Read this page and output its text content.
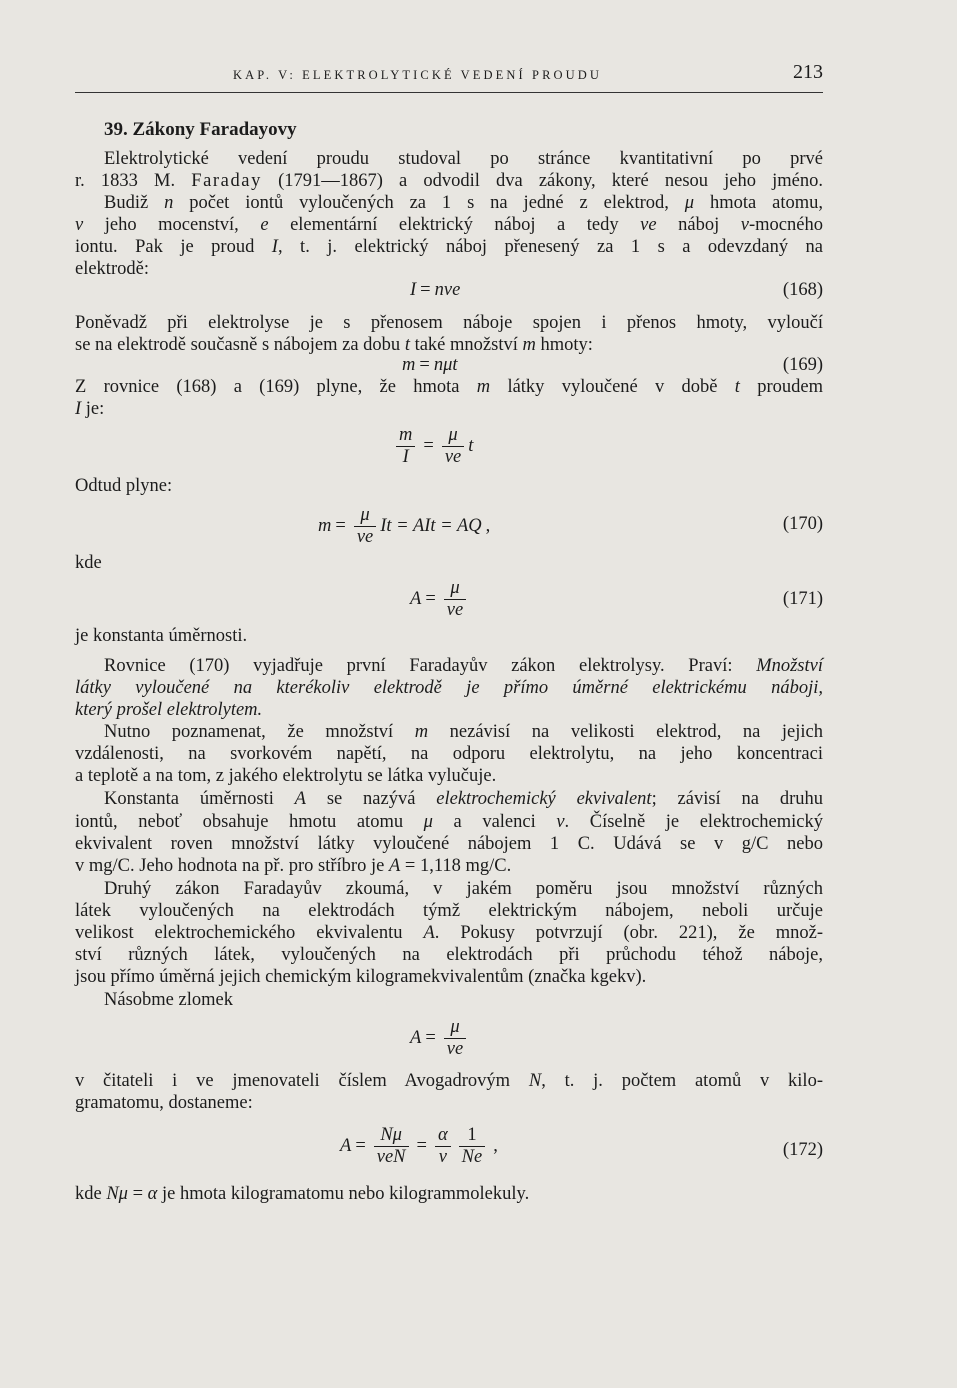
KAP. V: ELEKTROLYTICKÉ VEDENÍ PROUDU	213
39. Zákony Faradayovy
Elektrolytické vedení proudu studoval po stránce kvantitativní po prvé
r. 1833 M. Faraday (1791—1867) a odvodil dva zákony, které nesou jeho jméno.
Budiž n počet iontů vyloučených za 1 s na jedné z elektrod, μ hmota atomu,
v jeho mocenství, e elementární elektrický náboj a tedy ve náboj v-mocného
iontu. Pak je proud I, t. j. elektrický náboj přenesený za 1 s a odevzdaný na
elektrodě:
I = nve	(168)
Poněvadž při elektrolyse je s přenosem náboje spojen i přenos hmoty, vyloučí
se na elektrodě současně s nábojem za dobu t také množství m hmoty:
m = nμt	(169)
Z rovnice (168) a (169) plyne, že hmota m látky vyloučené v době t proudem
I je:
$\frac{m}{I} = \frac{\mu}{ve}$ t
Odtud plyne:
$m = \frac{\mu}{ve}$ It = AIt = AQ ,	(170)
kde
$A = \frac{\mu}{ve}$	(171)
je konstanta úměrnosti.
Rovnice (170) vyjadřuje první Faradayův zákon elektrolysy. Praví: Množství
látky vyloučené na kterékoliv elektrodě je přímo úměrné elektrickému náboji,
který prošel elektrolytem.
Nutno poznamenat, že množství m nezávisí na velikosti elektrod, na jejich
vzdálenosti, na svorkovém napětí, na odporu elektrolytu, na jeho koncentraci
a teplotě a na tom, z jakého elektrolytu se látka vylučuje.
Konstanta úměrnosti A se nazývá elektrochemický ekvivalent; závisí na druhu
iontů, neboť obsahuje hmotu atomu μ a valenci v. Číselně je elektrochemický
ekvivalent roven množství látky vyloučené nábojem 1 C. Udává se v g/C nebo
v mg/C. Jeho hodnota na př. pro stříbro je A = 1,118 mg/C.
Druhý zákon Faradayův zkoumá, v jakém poměru jsou množství různých
látek vyloučených na elektrodách týmž elektrickým nábojem, neboli určuje
velikost elektrochemického ekvivalentu A. Pokusy potvrzují (obr. 221), že množ-
ství různých látek, vyloučených na elektrodách při průchodu téhož náboje,
jsou přímo úměrná jejich chemickým kilogramekvivalentům (značka kgekv).
Násobme zlomek
$A = \frac{\mu}{ve}$
v čitateli i ve jmenovateli číslem Avogadrovým N, t. j. počtem atomů v kilo-
gramatomu, dostaneme:
$A = \frac{N\mu}{\text{veN}} = \frac{\alpha}{v} \frac{1}{Ne}$ ,	(172)
kde Nμ = α je hmota kilogramatomu nebo kilogrammolekuly.
